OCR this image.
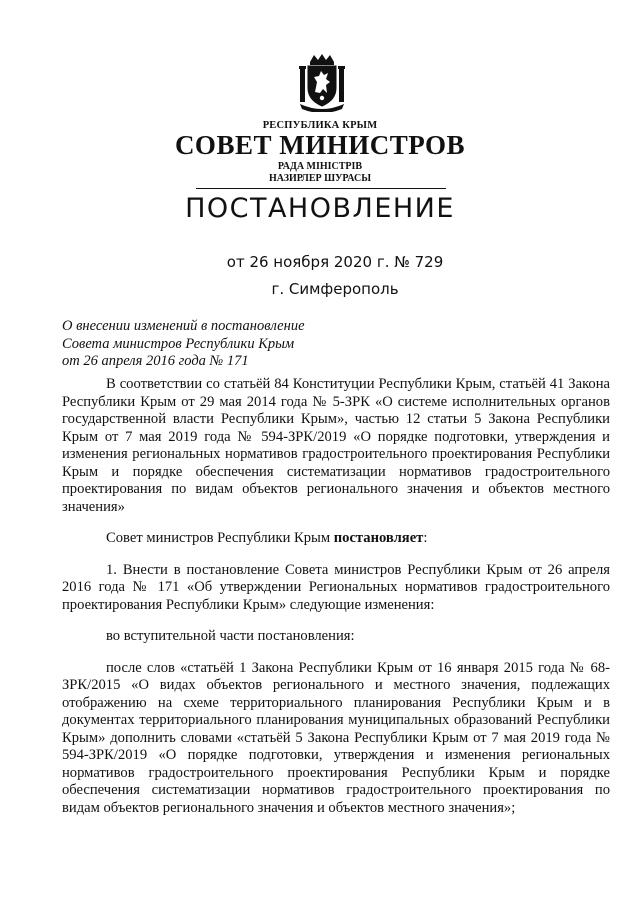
РЕСПУБЛИКА КРЫМ
СОВЕТ МИНИСТРОВ
РАДА МІНІСТРІВ
НАЗИРЛЕР ШУРАСЫ
ПОСТАНОВЛЕНИЕ
от 26 ноября 2020 г. № 729
г. Симферополь
О внесении изменений в постановление
Совета министров Республики Крым
от 26 апреля 2016 года № 171

В соответствии со статьёй 84 Конституции Республики Крым, статьёй 41 Закона Республики Крым от 29 мая 2014 года № 5-ЗРК «О системе исполнительных органов государственной власти Республики Крым», частью 12 статьи 5 Закона Республики Крым от 7 мая 2019 года № 594-ЗРК/2019 «О порядке подготовки, утверждения и изменения региональных нормативов градостроительного проектирования Республики Крым и порядке обеспечения систематизации нормативов градостроительного проектирования по видам объектов регионального значения и объектов местного значения»

Совет министров Республики Крым постановляет:

1. Внести в постановление Совета министров Республики Крым от 26 апреля 2016 года № 171 «Об утверждении Региональных нормативов градостроительного проектирования Республики Крым» следующие изменения:

во вступительной части постановления:

после слов «статьёй 1 Закона Республики Крым от 16 января 2015 года № 68-ЗРК/2015 «О видах объектов регионального и местного значения, подлежащих отображению на схеме территориального планирования Республики Крым и в документах территориального планирования муниципальных образований Республики Крым» дополнить словами «статьёй 5 Закона Республики Крым от 7 мая 2019 года № 594-ЗРК/2019 «О порядке подготовки, утверждения и изменения региональных нормативов градостроительного проектирования Республики Крым и порядке обеспечения систематизации нормативов градостроительного проектирования по видам объектов регионального значения и объектов местного значения»;
